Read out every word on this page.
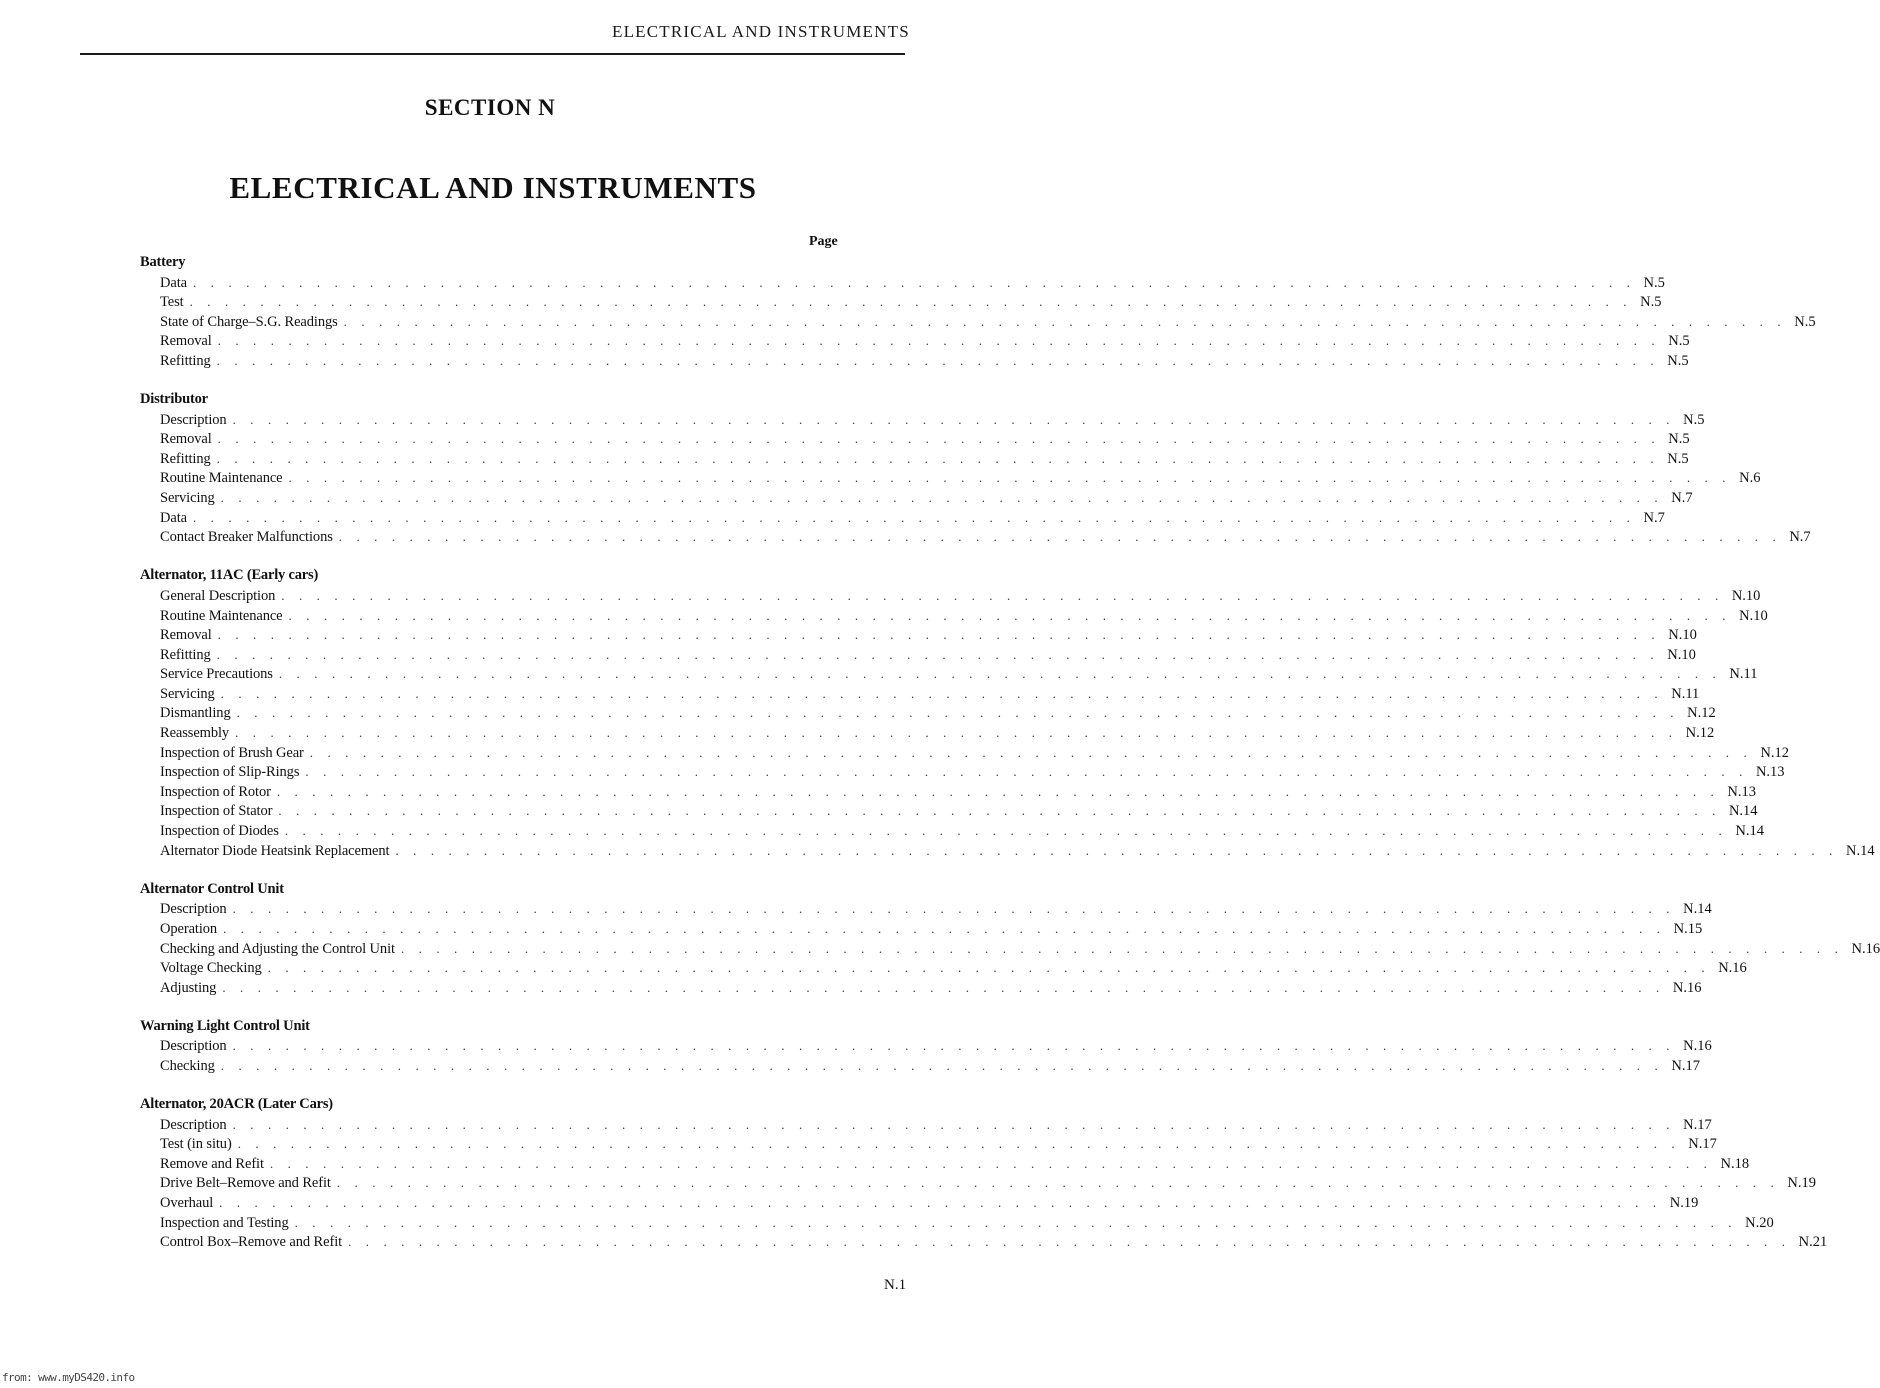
ELECTRICAL AND INSTRUMENTS
SECTION N
ELECTRICAL AND INSTRUMENTS
Page
Battery
Data . . . . . . . . . . . . . . . . . . . . . . . . . . . . . . . . . . . . . . . . . . . . . . . . . . . . . . . . . . . . . . . . . . . . . . . . . . . . . . . . . . N.5
Test . . . . . . . . . . . . . . . . . . . . . . . . . . . . . . . . . . . . . . . . . . . . . . . . . . . . . . . . . . . . . . . . . . . . . . . . . . . . . . . . . . N.5
State of Charge–S.G. Readings . . . . . . . . . . . . . . . . . . . . . . . . . . . . . . . . . . . . . . . . . . . . . . . . . . . . . . . . . . . . . . . . . . . . . . . . . . . . . . . . . . N.5
Removal . . . . . . . . . . . . . . . . . . . . . . . . . . . . . . . . . . . . . . . . . . . . . . . . . . . . . . . . . . . . . . . . . . . . . . . . . . . . . . . . . . N.5
Refitting . . . . . . . . . . . . . . . . . . . . . . . . . . . . . . . . . . . . . . . . . . . . . . . . . . . . . . . . . . . . . . . . . . . . . . . . . . . . . . . . . . N.5
Distributor
Description . . . . . . . . . . . . . . . . . . . . . . . . . . . . . . . . . . . . . . . . . . . . . . . . . . . . . . . . . . . . . . . . . . . . . . . . . . . . . . . . . . N.5
Removal . . . . . . . . . . . . . . . . . . . . . . . . . . . . . . . . . . . . . . . . . . . . . . . . . . . . . . . . . . . . . . . . . . . . . . . . . . . . . . . . . . N.5
Refitting . . . . . . . . . . . . . . . . . . . . . . . . . . . . . . . . . . . . . . . . . . . . . . . . . . . . . . . . . . . . . . . . . . . . . . . . . . . . . . . . . . N.5
Routine Maintenance . . . . . . . . . . . . . . . . . . . . . . . . . . . . . . . . . . . . . . . . . . . . . . . . . . . . . . . . . . . . . . . . . . . . . . . . . . . . . . . . . . N.6
Servicing . . . . . . . . . . . . . . . . . . . . . . . . . . . . . . . . . . . . . . . . . . . . . . . . . . . . . . . . . . . . . . . . . . . . . . . . . . . . . . . . . . N.7
Data . . . . . . . . . . . . . . . . . . . . . . . . . . . . . . . . . . . . . . . . . . . . . . . . . . . . . . . . . . . . . . . . . . . . . . . . . . . . . . . . . . N.7
Contact Breaker Malfunctions . . . . . . . . . . . . . . . . . . . . . . . . . . . . . . . . . . . . . . . . . . . . . . . . . . . . . . . . . . . . . . . . . . . . . . . . . . . . . . . . . . N.7
Alternator, 11AC (Early cars)
General Description . . . . . . . . . . . . . . . . . . . . . . . . . . . . . . . . . . . . . . . . . . . . . . . . . . . . . . . . . . . . . . . . . . . . . . . . . . . . . . . . . . N.10
Routine Maintenance . . . . . . . . . . . . . . . . . . . . . . . . . . . . . . . . . . . . . . . . . . . . . . . . . . . . . . . . . . . . . . . . . . . . . . . . . . . . . . . . . . N.10
Removal . . . . . . . . . . . . . . . . . . . . . . . . . . . . . . . . . . . . . . . . . . . . . . . . . . . . . . . . . . . . . . . . . . . . . . . . . . . . . . . . . . N.10
Refitting . . . . . . . . . . . . . . . . . . . . . . . . . . . . . . . . . . . . . . . . . . . . . . . . . . . . . . . . . . . . . . . . . . . . . . . . . . . . . . . . . . N.10
Service Precautions . . . . . . . . . . . . . . . . . . . . . . . . . . . . . . . . . . . . . . . . . . . . . . . . . . . . . . . . . . . . . . . . . . . . . . . . . . . . . . . . . . N.11
Servicing . . . . . . . . . . . . . . . . . . . . . . . . . . . . . . . . . . . . . . . . . . . . . . . . . . . . . . . . . . . . . . . . . . . . . . . . . . . . . . . . . . N.11
Dismantling . . . . . . . . . . . . . . . . . . . . . . . . . . . . . . . . . . . . . . . . . . . . . . . . . . . . . . . . . . . . . . . . . . . . . . . . . . . . . . . . . . N.12
Reassembly . . . . . . . . . . . . . . . . . . . . . . . . . . . . . . . . . . . . . . . . . . . . . . . . . . . . . . . . . . . . . . . . . . . . . . . . . . . . . . . . . . N.12
Inspection of Brush Gear . . . . . . . . . . . . . . . . . . . . . . . . . . . . . . . . . . . . . . . . . . . . . . . . . . . . . . . . . . . . . . . . . . . . . . . . . . . . . . . . . . N.12
Inspection of Slip-Rings . . . . . . . . . . . . . . . . . . . . . . . . . . . . . . . . . . . . . . . . . . . . . . . . . . . . . . . . . . . . . . . . . . . . . . . . . . . . . . . . . . N.13
Inspection of Rotor . . . . . . . . . . . . . . . . . . . . . . . . . . . . . . . . . . . . . . . . . . . . . . . . . . . . . . . . . . . . . . . . . . . . . . . . . . . . . . . . . . N.13
Inspection of Stator . . . . . . . . . . . . . . . . . . . . . . . . . . . . . . . . . . . . . . . . . . . . . . . . . . . . . . . . . . . . . . . . . . . . . . . . . . . . . . . . . . N.14
Inspection of Diodes . . . . . . . . . . . . . . . . . . . . . . . . . . . . . . . . . . . . . . . . . . . . . . . . . . . . . . . . . . . . . . . . . . . . . . . . . . . . . . . . . . N.14
Alternator Diode Heatsink Replacement . . . . . . . . . . . . . . . . . . . . . . . . . . . . . . . . . . . . . . . . . . . . . . . . . . . . . . . . . . . . . . . . . . . . . . . . . . . . . . . . . . N.14
Alternator Control Unit
Description . . . . . . . . . . . . . . . . . . . . . . . . . . . . . . . . . . . . . . . . . . . . . . . . . . . . . . . . . . . . . . . . . . . . . . . . . . . . . . . . . . N.14
Operation . . . . . . . . . . . . . . . . . . . . . . . . . . . . . . . . . . . . . . . . . . . . . . . . . . . . . . . . . . . . . . . . . . . . . . . . . . . . . . . . . . N.15
Checking and Adjusting the Control Unit . . . . . . . . . . . . . . . . . . . . . . . . . . . . . . . . . . . . . . . . . . . . . . . . . . . . . . . . . . . . . . . . . . . . . . . . . . . . . . . . . . N.16
Voltage Checking . . . . . . . . . . . . . . . . . . . . . . . . . . . . . . . . . . . . . . . . . . . . . . . . . . . . . . . . . . . . . . . . . . . . . . . . . . . . . . . . . . N.16
Adjusting . . . . . . . . . . . . . . . . . . . . . . . . . . . . . . . . . . . . . . . . . . . . . . . . . . . . . . . . . . . . . . . . . . . . . . . . . . . . . . . . . . N.16
Warning Light Control Unit
Description . . . . . . . . . . . . . . . . . . . . . . . . . . . . . . . . . . . . . . . . . . . . . . . . . . . . . . . . . . . . . . . . . . . . . . . . . . . . . . . . . . N.16
Checking . . . . . . . . . . . . . . . . . . . . . . . . . . . . . . . . . . . . . . . . . . . . . . . . . . . . . . . . . . . . . . . . . . . . . . . . . . . . . . . . . . N.17
Alternator, 20ACR (Later Cars)
Description . . . . . . . . . . . . . . . . . . . . . . . . . . . . . . . . . . . . . . . . . . . . . . . . . . . . . . . . . . . . . . . . . . . . . . . . . . . . . . . . . . N.17
Test (in situ) . . . . . . . . . . . . . . . . . . . . . . . . . . . . . . . . . . . . . . . . . . . . . . . . . . . . . . . . . . . . . . . . . . . . . . . . . . . . . . . . . . N.17
Remove and Refit . . . . . . . . . . . . . . . . . . . . . . . . . . . . . . . . . . . . . . . . . . . . . . . . . . . . . . . . . . . . . . . . . . . . . . . . . . . . . . . . . . N.18
Drive Belt–Remove and Refit . . . . . . . . . . . . . . . . . . . . . . . . . . . . . . . . . . . . . . . . . . . . . . . . . . . . . . . . . . . . . . . . . . . . . . . . . . . . . . . . . . N.19
Overhaul . . . . . . . . . . . . . . . . . . . . . . . . . . . . . . . . . . . . . . . . . . . . . . . . . . . . . . . . . . . . . . . . . . . . . . . . . . . . . . . . . . N.19
Inspection and Testing . . . . . . . . . . . . . . . . . . . . . . . . . . . . . . . . . . . . . . . . . . . . . . . . . . . . . . . . . . . . . . . . . . . . . . . . . . . . . . . . . . N.20
Control Box–Remove and Refit . . . . . . . . . . . . . . . . . . . . . . . . . . . . . . . . . . . . . . . . . . . . . . . . . . . . . . . . . . . . . . . . . . . . . . . . . . . . . . . . . . N.21
N.1
from: www.myDS420.info
